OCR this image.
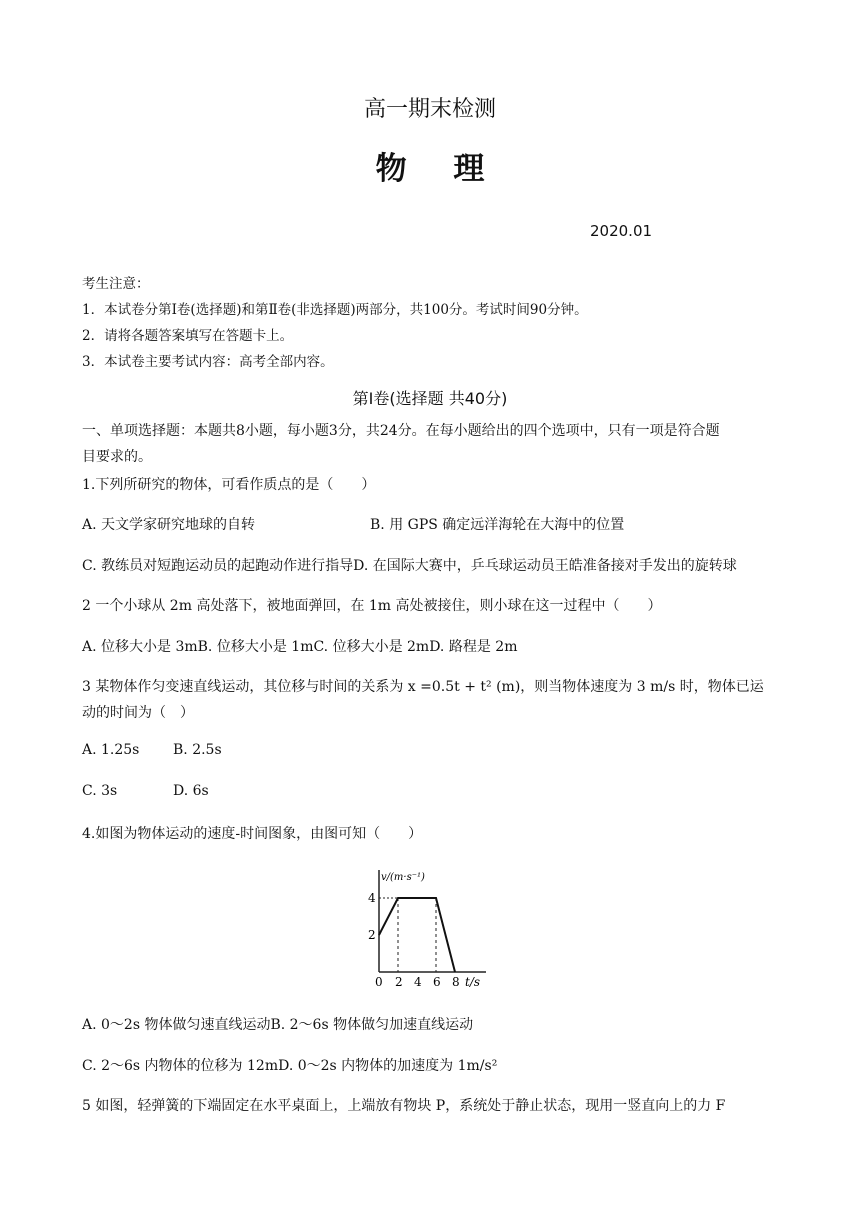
高一期末检测
物 理
2020.01
考生注意：
1．本试卷分第Ⅰ卷(选择题)和第Ⅱ卷(非选择题)两部分，共100分。考试时间90分钟。
2．请将各题答案填写在答题卡上。
3．本试卷主要考试内容：高考全部内容。
第Ⅰ卷(选择题 共40分)
一、单项选择题：本题共8小题，每小题3分，共24分。在每小题给出的四个选项中，只有一项是符合题
目要求的。
1.下列所研究的物体，可看作质点的是（　　）
A. 天文学家研究地球的自转	B. 用 GPS 确定远洋海轮在大海中的位置
C. 教练员对短跑运动员的起跑动作进行指导D. 在国际大赛中，乒乓球运动员王皓准备接对手发出的旋转球
2 一个小球从 2m 高处落下，被地面弹回，在 1m 高处被接住，则小球在这一过程中（　　）
A. 位移大小是 3mB. 位移大小是 1mC. 位移大小是 2mD. 路程是 2m
3 某物体作匀变速直线运动，其位移与时间的关系为 x =0.5t + t² (m)，则当物体速度为 3 m/s 时，物体已运
动的时间为（　）
A. 1.25s B. 2.5s
C. 3s	D. 6s
4.如图为物体运动的速度-时间图象，由图可知（　　）
0 2 4 6 8
2
4
t/s
v/(m·s⁻¹)
A. 0～2s 物体做匀速直线运动B. 2～6s 物体做匀加速直线运动
C. 2～6s 内物体的位移为 12mD. 0～2s 内物体的加速度为 1m/s²
5 如图，轻弹簧的下端固定在水平桌面上，上端放有物块 P，系统处于静止状态，现用一竖直向上的力 F
